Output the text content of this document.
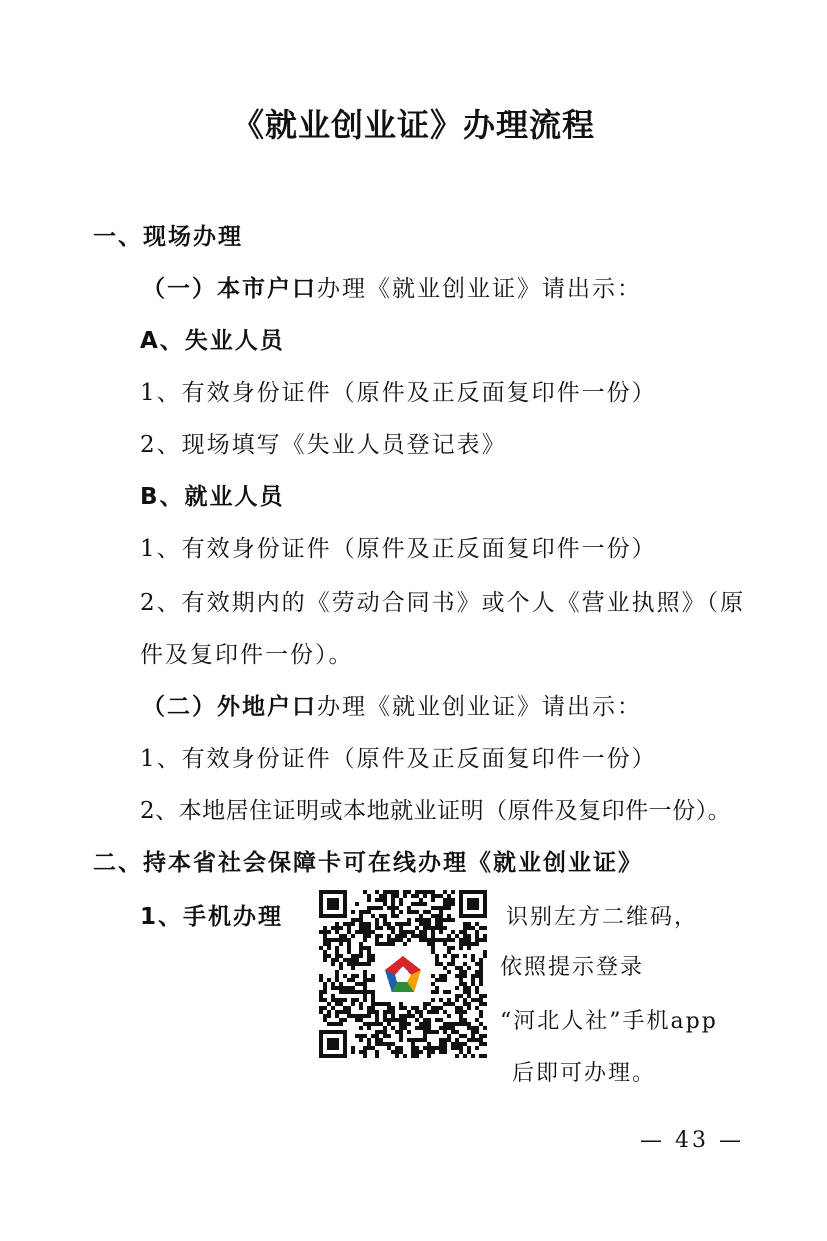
《就业创业证》办理流程
一、现场办理
（一）本市户口办理《就业创业证》请出示：
A、失业人员
1、有效身份证件（原件及正反面复印件一份）
2、现场填写《失业人员登记表》
B、就业人员
1、有效身份证件（原件及正反面复印件一份）
2、有效期内的《劳动合同书》或个人《营业执照》（原
件及复印件一份）。
（二）外地户口办理《就业创业证》请出示：
1、有效身份证件（原件及正反面复印件一份）
2、本地居住证明或本地就业证明（原件及复印件一份）。
二、持本省社会保障卡可在线办理《就业创业证》
1、手机办理	识别左方二维码，
依照提示登录
“河北人社”手机app
后即可办理。
— 43 —
